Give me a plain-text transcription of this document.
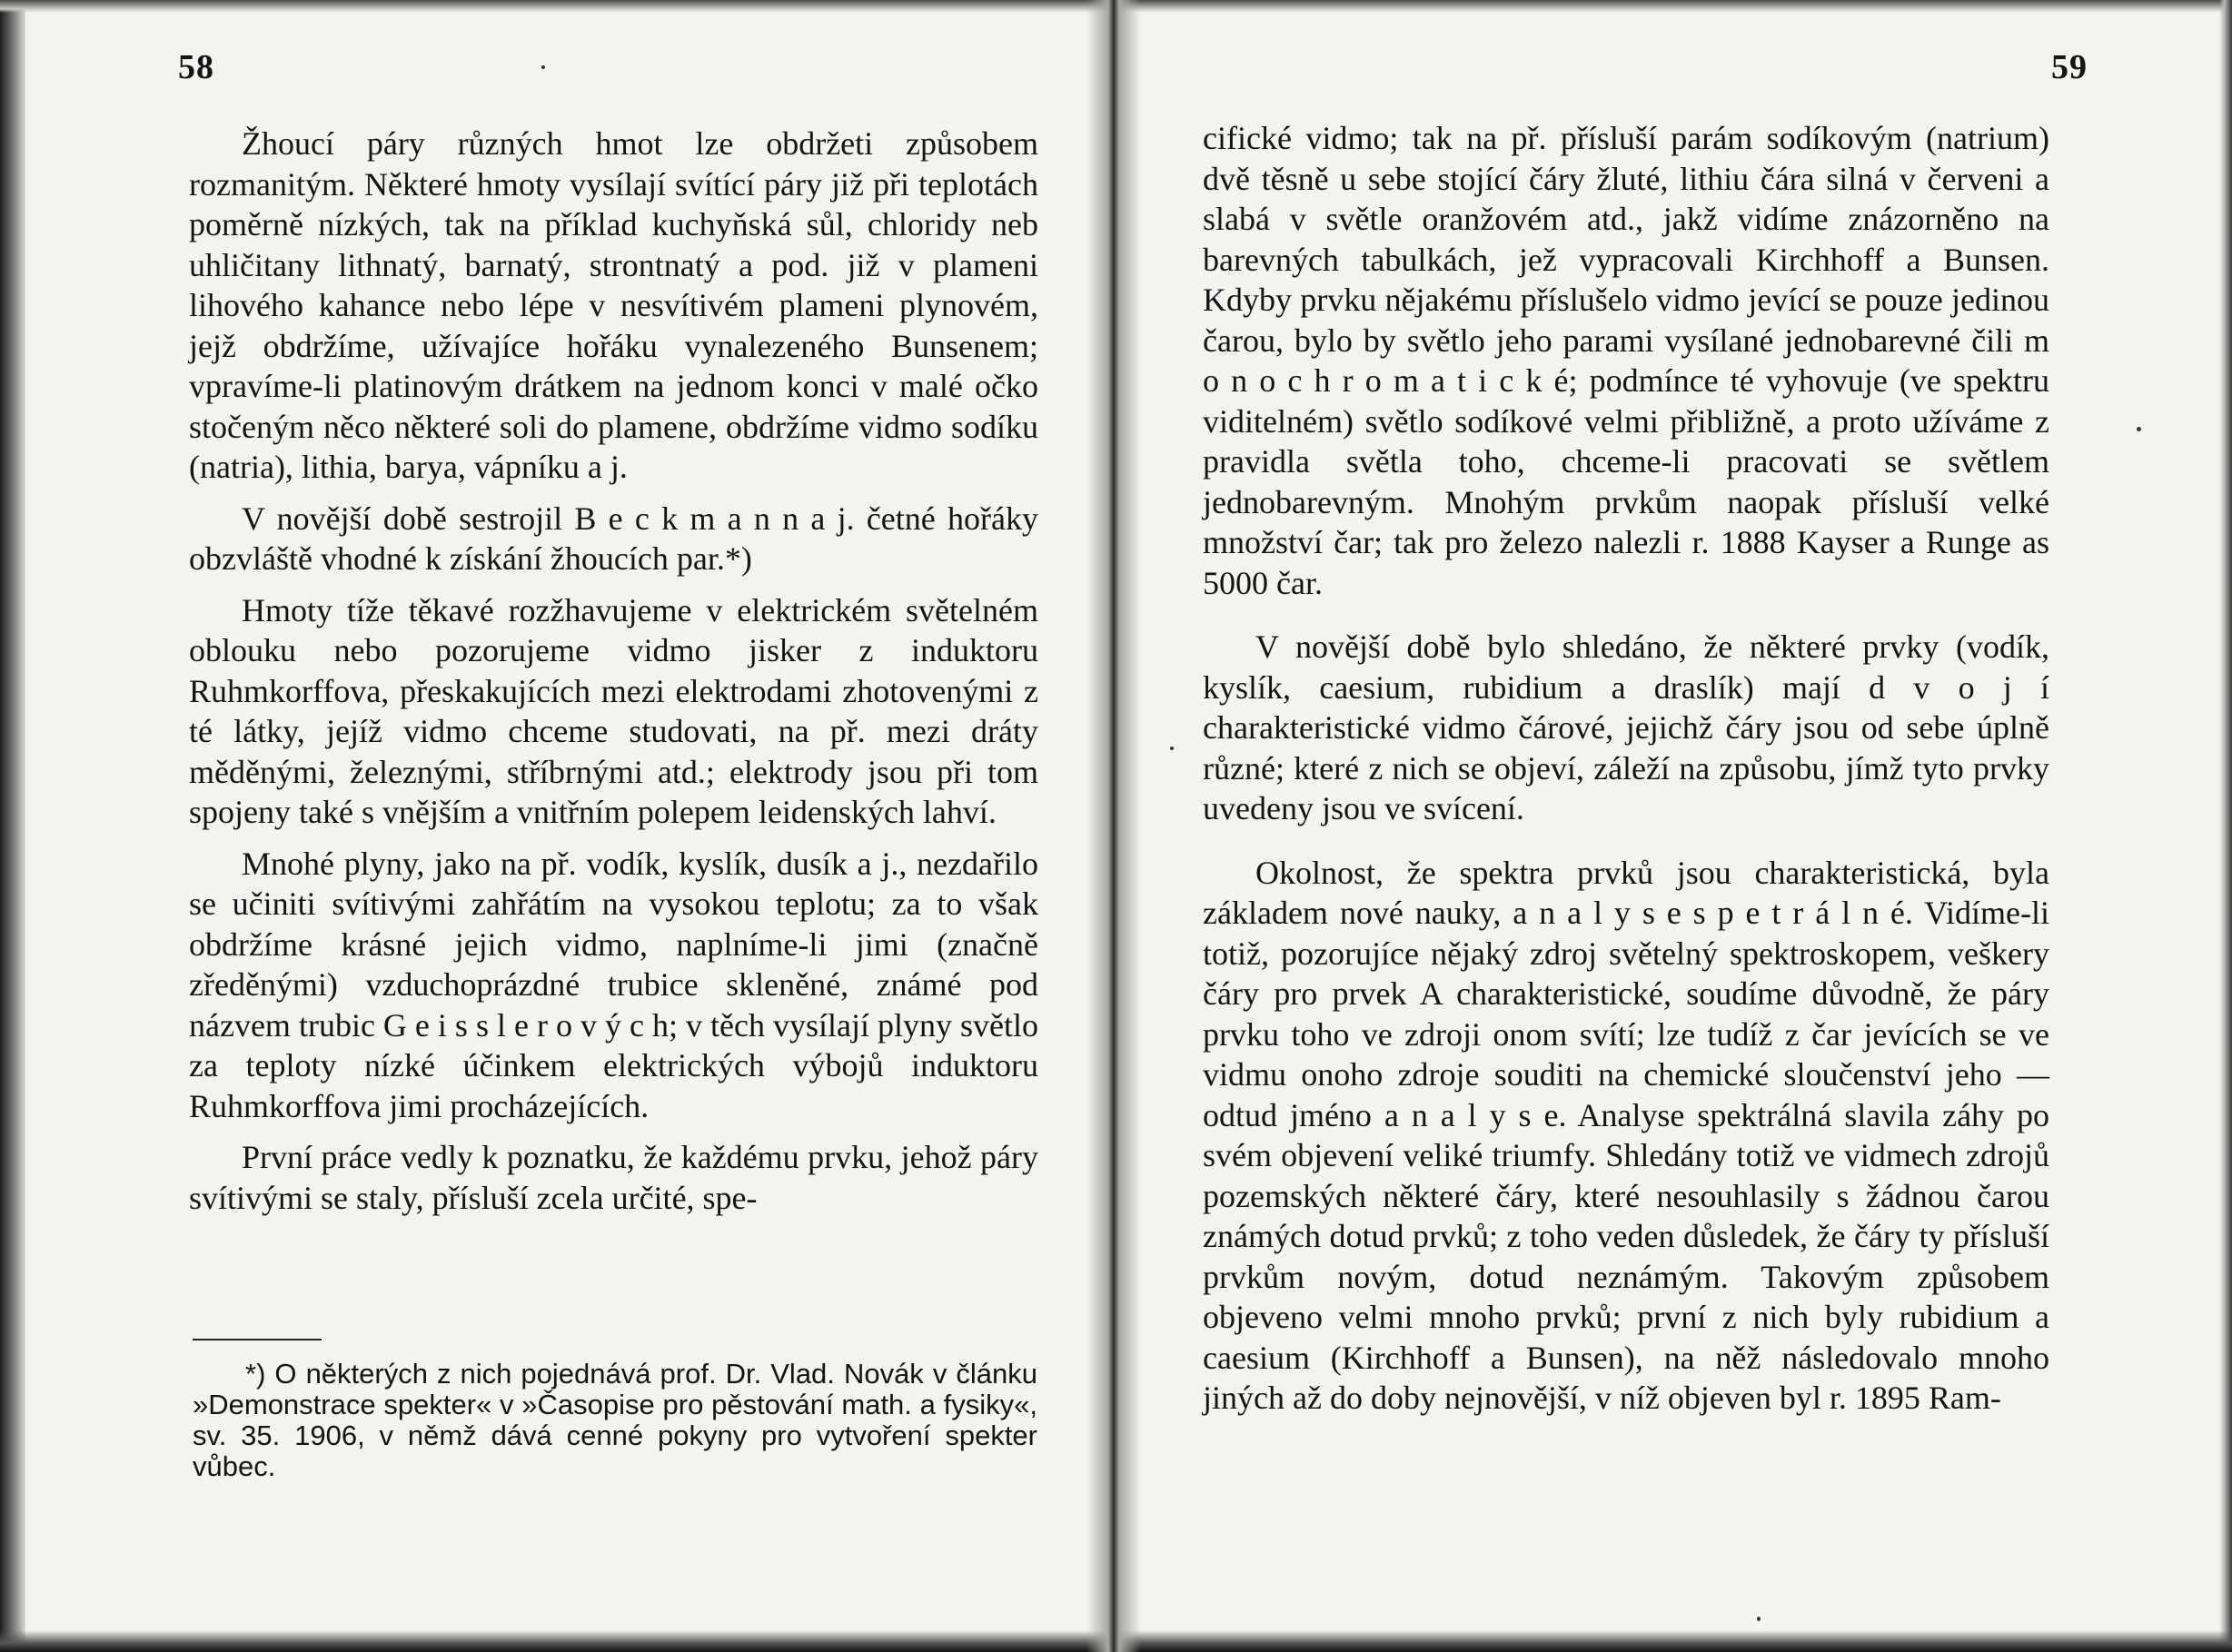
58

Žhoucí páry různých hmot lze obdržeti způsobem rozmanitým. Některé hmoty vysílají svítící páry již při teplotách poměrně nízkých, tak na příklad kuchyňská sůl, chloridy neb uhličitany lithnatý, barnatý, strontnatý a pod. již v plameni lihového kahance nebo lépe v nesvítivém plameni plynovém, jejž obdržíme, užívajíce hořáku vynalezeného Bunsenem; vpravíme-li platinovým drátkem na jednom konci v malé očko stočeným něco některé soli do plamene, obdržíme vidmo sodíku (natria), lithia, barya, vápníku a j.

V novější době sestrojil B e c k m a n n a j. četné hořáky obzvláště vhodné k získání žhoucích par.*)

Hmoty tíže těkavé rozžhavujeme v elektrickém světelném oblouku nebo pozorujeme vidmo jisker z induktoru Ruhmkorffova, přeskakujících mezi elektrodami zhotovenými z té látky, jejíž vidmo chceme studovati, na př. mezi dráty měděnými, železnými, stříbrnými atd.; elektrody jsou při tom spojeny také s vnějším a vnitřním polepem leidenských lahví.

Mnohé plyny, jako na př. vodík, kyslík, dusík a j., nezdařilo se učiniti svítivými zahřátím na vysokou teplotu; za to však obdržíme krásné jejich vidmo, naplníme-li jimi (značně zředěnými) vzduchoprázdné trubice skleněné, známé pod názvem trubic G e i s s l e r o v ý c h; v těch vysílají plyny světlo za teploty nízké účinkem elektrických výbojů induktoru Ruhmkorffova jimi procházejících.

První práce vedly k poznatku, že každému prvku, jehož páry svítivými se staly, přísluší zcela určité, spe-

*) O některých z nich pojednává prof. Dr. Vlad. Novák v článku »Demonstrace spekter« v »Časopise pro pěstování math. a fysiky«, sv. 35. 1906, v němž dává cenné pokyny pro vytvoření spekter vůbec.

59

cifické vidmo; tak na př. přísluší parám sodíkovým (natrium) dvě těsně u sebe stojící čáry žluté, lithiu čára silná v červeni a slabá v světle oranžovém atd., jakž vidíme znázorněno na barevných tabulkách, jež vypracovali Kirchhoff a Bunsen. Kdyby prvku nějakému příslušelo vidmo jevící se pouze jedinou čarou, bylo by světlo jeho parami vysílané jednobarevné čili m o n o c h r o m a t i c k é; podmínce té vyhovuje (ve spektru viditelném) světlo sodíkové velmi přibližně, a proto užíváme z pravidla světla toho, chceme-li pracovati se světlem jednobarevným. Mnohým prvkům naopak přísluší velké množství čar; tak pro železo nalezli r. 1888 Kayser a Runge as 5000 čar.

V novější době bylo shledáno, že některé prvky (vodík, kyslík, caesium, rubidium a draslík) mají d v o j í charakteristické vidmo čárové, jejichž čáry jsou od sebe úplně různé; které z nich se objeví, záleží na způsobu, jímž tyto prvky uvedeny jsou ve svícení.

Okolnost, že spektra prvků jsou charakteristická, byla základem nové nauky, a n a l y s e s p e t r á l n é. Vidíme-li totiž, pozorujíce nějaký zdroj světelný spektroskopem, veškery čáry pro prvek A charakteristické, soudíme důvodně, že páry prvku toho ve zdroji onom svítí; lze tudíž z čar jevících se ve vidmu onoho zdroje souditi na chemické sloučenství jeho — odtud jméno a n a l y s e. Analyse spektrálná slavila záhy po svém objevení veliké triumfy. Shledány totiž ve vidmech zdrojů pozemských některé čáry, které nesouhlasily s žádnou čarou známých dotud prvků; z toho veden důsledek, že čáry ty přísluší prvkům novým, dotud neznámým. Takovým způsobem objeveno velmi mnoho prvků; první z nich byly rubidium a caesium (Kirchhoff a Bunsen), na něž následovalo mnoho jiných až do doby nejnovější, v níž objeven byl r. 1895 Ram-
